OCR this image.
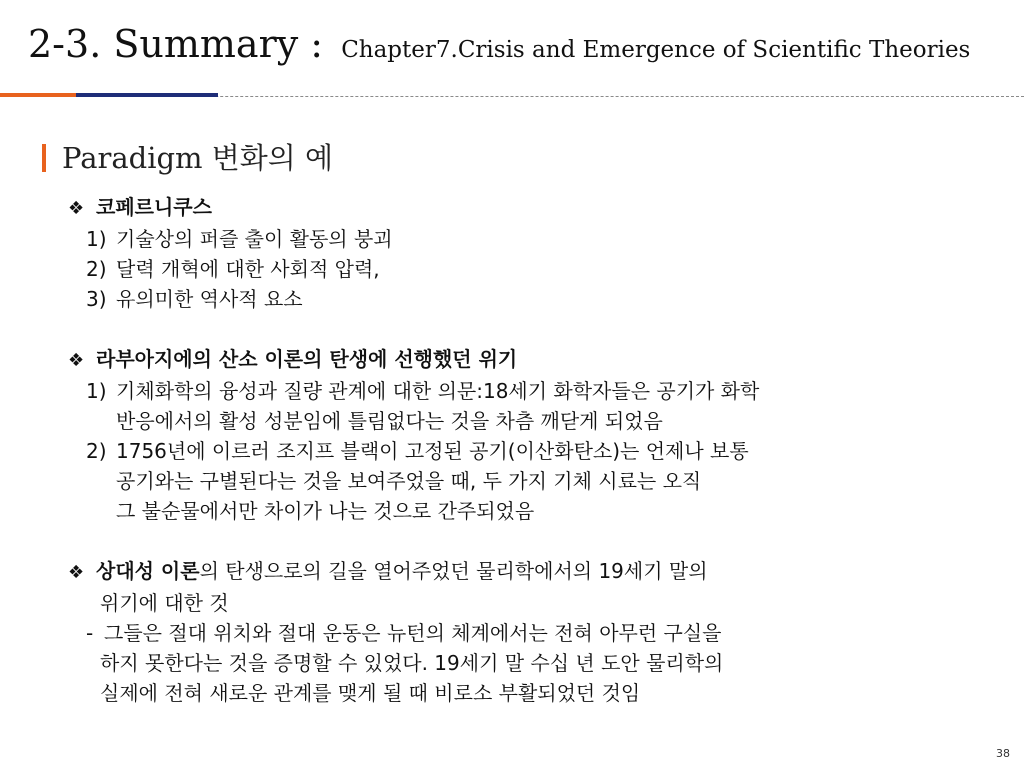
2-3. Summary : Chapter7.Crisis and Emergence of Scientific Theories
Paradigm 변화의 예
❖ 코페르니쿠스
1) 기술상의 퍼즐 출이 활동의 붕괴
2) 달력 개혁에 대한 사회적 압력,
3) 유의미한 역사적 요소
❖ 라부아지에의 산소 이론의 탄생에 선행했던 위기
1) 기체화학의 융성과 질량 관계에 대한 의문:18세기 화학자들은 공기가 화학
반응에서의 활성 성분임에 틀림없다는 것을 차츰 깨닫게 되었음
2) 1756년에 이르러 조지프 블랙이 고정된 공기(이산화탄소)는 언제나 보통
공기와는 구별된다는 것을 보여주었을 때, 두 가지 기체 시료는 오직
그 불순물에서만 차이가 나는 것으로 간주되었음
❖ 상대성 이론의 탄생으로의 길을 열어주었던 물리학에서의 19세기 말의
위기에 대한 것
- 그들은 절대 위치와 절대 운동은 뉴턴의 체계에서는 전혀 아무런 구실을
하지 못한다는 것을 증명할 수 있었다. 19세기 말 수십 년 도안 물리학의
실제에 전혀 새로운 관계를 맺게 될 때 비로소 부활되었던 것임
38
